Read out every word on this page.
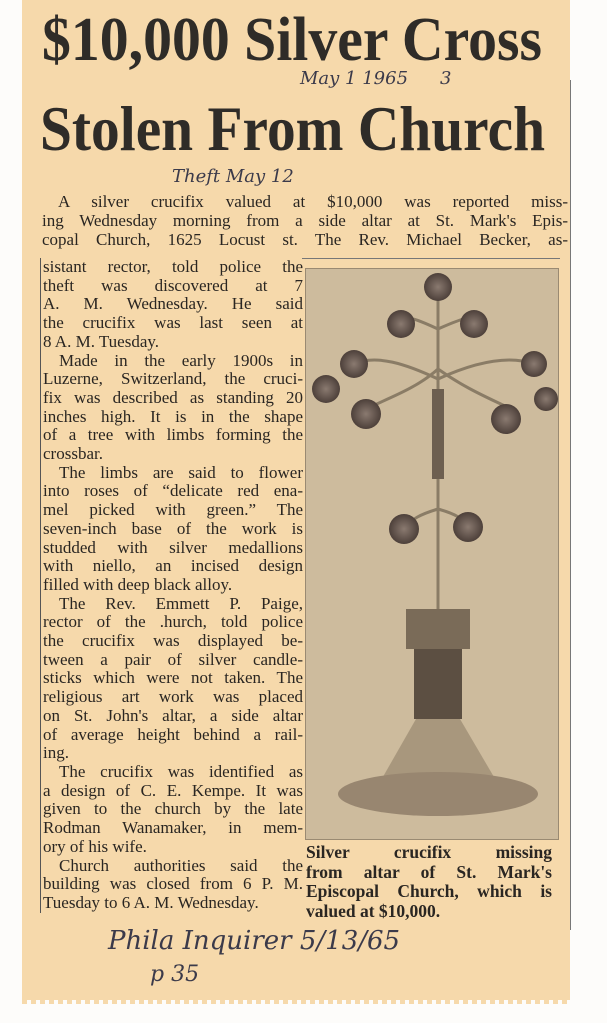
$10,000 Silver Cross
Stolen From Church
A silver crucifix valued at $10,000 was reported miss-
ing Wednesday morning from a side altar at St. Mark's Epis-
copal Church, 1625 Locust st. The Rev. Michael Becker, as-
sistant rector, told police the
theft was discovered at 7
A. M. Wednesday. He said
the crucifix was last seen at
8 A. M. Tuesday.
Made in the early 1900s in
Luzerne, Switzerland, the cruci-
fix was described as standing 20
inches high. It is in the shape
of a tree with limbs forming the
crossbar.
The limbs are said to flower
into roses of “delicate red ena-
mel picked with green.” The
seven-inch base of the work is
studded with silver medallions
with niello, an incised design
filled with deep black alloy.
The Rev. Emmett P. Paige,
rector of the .hurch, told police
the crucifix was displayed be-
tween a pair of silver candle-
sticks which were not taken. The
religious art work was placed
on St. John's altar, a side altar
of average height behind a rail-
ing.
The crucifix was identified as
a design of C. E. Kempe. It was
given to the church by the late
Rodman Wanamaker, in mem-
ory of his wife.
Church authorities said the
building was closed from 6 P. M.
Tuesday to 6 A. M. Wednesday.
Silver crucifix missing
from altar of St. Mark's
Episcopal Church, which is
valued at $10,000.
May 1 1965 3
Theft May 12
Phila Inquirer 5/13/65
p 35
